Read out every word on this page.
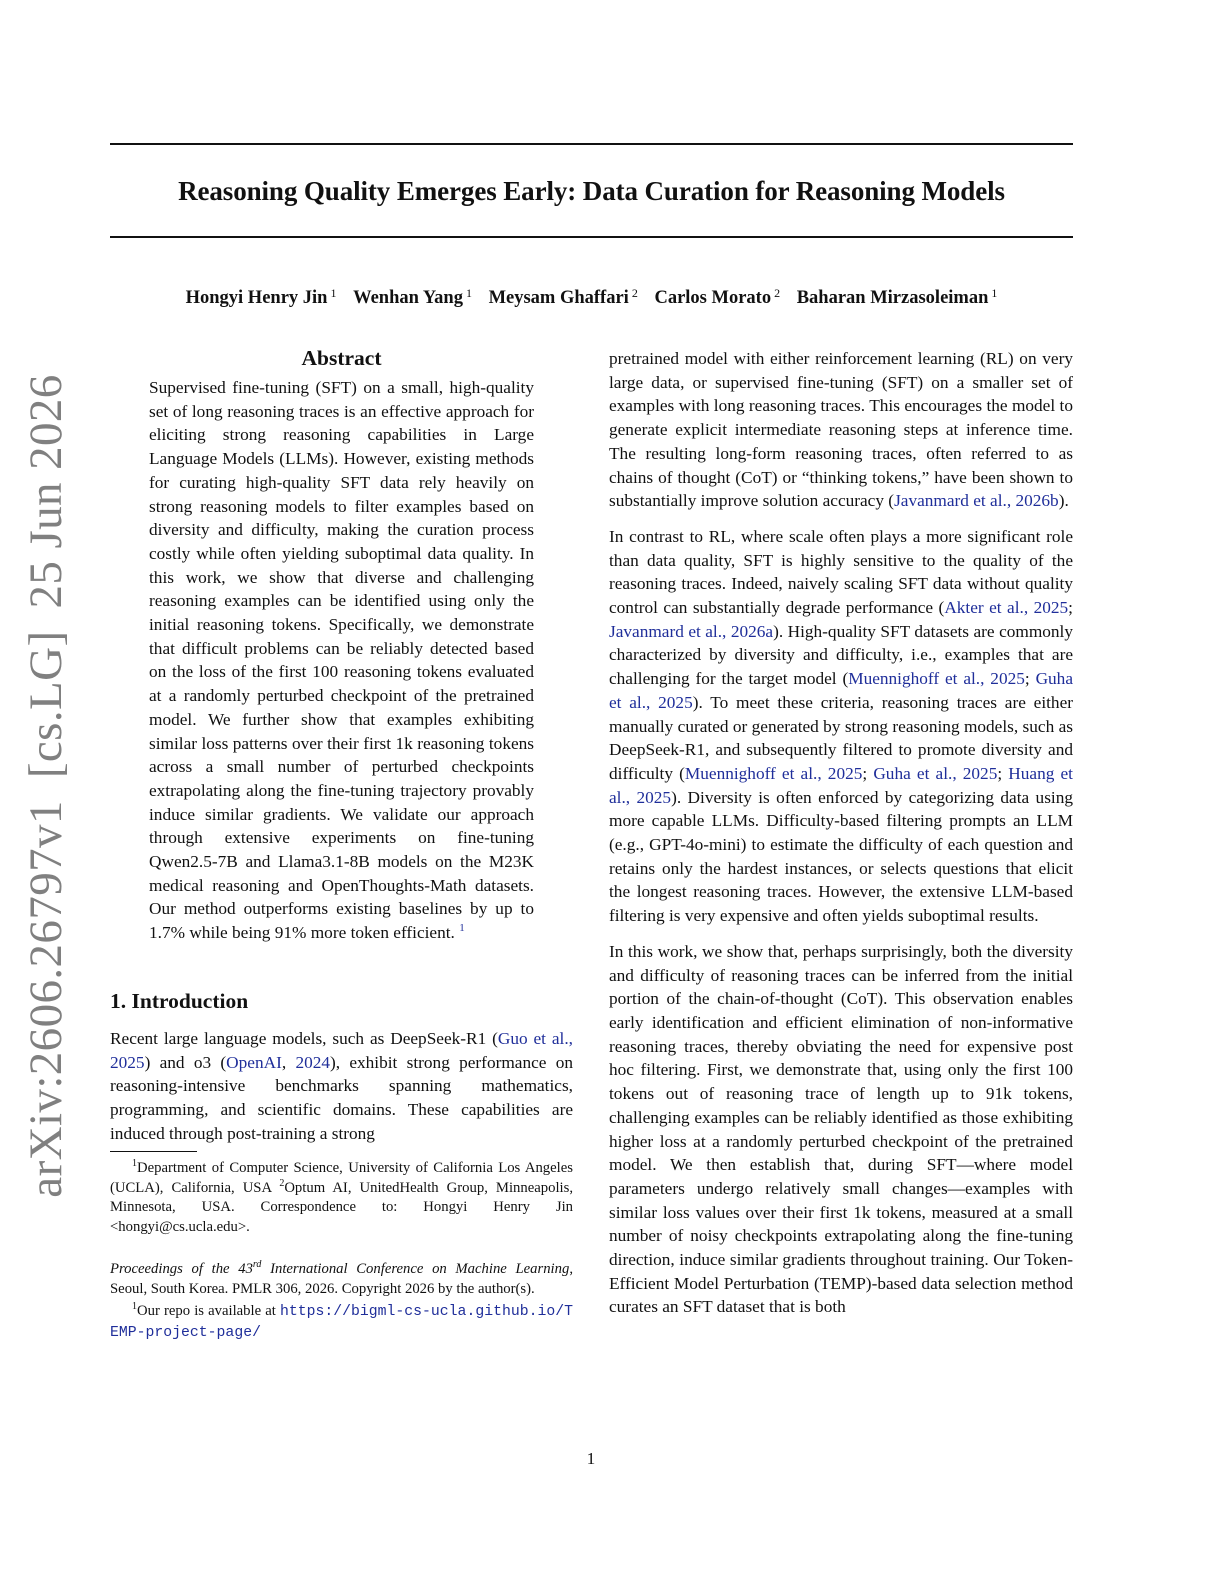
Reasoning Quality Emerges Early: Data Curation for Reasoning Models
Hongyi Henry Jin $^1$ Wenhan Yang $^1$ Meysam Ghaffari $^2$ Carlos Morato $^2$ Baharan Mirzasoleiman $^1$
arXiv:2606.26797v1[cs.LG]25 Jun 2026
Abstract
Supervised fine-tuning (SFT) on a small, high-quality set of long reasoning traces is an effective approach for eliciting strong reasoning capabilities in Large Language Models (LLMs). However, existing methods for curating high-quality SFT data rely heavily on strong reasoning models to filter examples based on diversity and difficulty, making the curation process costly while often yielding suboptimal data quality. In this work, we show that diverse and challenging reasoning examples can be identified using only the initial reasoning tokens. Specifically, we demonstrate that difficult problems can be reliably detected based on the loss of the first 100 reasoning tokens evaluated at a randomly perturbed checkpoint of the pretrained model. We further show that examples exhibiting similar loss patterns over their first 1k reasoning tokens across a small number of perturbed checkpoints extrapolating along the fine-tuning trajectory provably induce similar gradients. We validate our approach through extensive experiments on fine-tuning Qwen2.5-7B and Llama3.1-8B models on the M23K medical reasoning and OpenThoughts-Math datasets. Our method outperforms existing baselines by up to 1.7% while being 91% more token efficient. $^1$
1. Introduction

Recent large language models, such as DeepSeek-R1 (Guo et al., 2025) and o3 (OpenAI, 2024), exhibit strong performance on reasoning-intensive benchmarks spanning mathematics, programming, and scientific domains. These capabilities are induced through post-training a strong

$^1$Department of Computer Science, University of California Los Angeles (UCLA), California, USA $^2$Optum AI, UnitedHealth Group, Minneapolis, Minnesota, USA. Correspondence to: Hongyi Henry Jin <hongyi@cs.ucla.edu>.
Proceedings of the 43rd International Conference on Machine Learning, Seoul, South Korea. PMLR 306, 2026. Copyright 2026 by the author(s).
$^1$Our repo is available at https://bigml-cs-ucla.github.io/TEMP-project-page/

pretrained model with either reinforcement learning (RL) on very large data, or supervised fine-tuning (SFT) on a smaller set of examples with long reasoning traces. This encourages the model to generate explicit intermediate reasoning steps at inference time. The resulting long-form reasoning traces, often referred to as chains of thought (CoT) or “thinking tokens,” have been shown to substantially improve solution accuracy (Javanmard et al., 2026b).

In contrast to RL, where scale often plays a more significant role than data quality, SFT is highly sensitive to the quality of the reasoning traces. Indeed, naively scaling SFT data without quality control can substantially degrade performance (Akter et al., 2025; Javanmard et al., 2026a). High-quality SFT datasets are commonly characterized by diversity and difficulty, i.e., examples that are challenging for the target model (Muennighoff et al., 2025; Guha et al., 2025). To meet these criteria, reasoning traces are either manually curated or generated by strong reasoning models, such as DeepSeek-R1, and subsequently filtered to promote diversity and difficulty (Muennighoff et al., 2025; Guha et al., 2025; Huang et al., 2025). Diversity is often enforced by categorizing data using more capable LLMs. Difficulty-based filtering prompts an LLM (e.g., GPT-4o-mini) to estimate the difficulty of each question and retains only the hardest instances, or selects questions that elicit the longest reasoning traces. However, the extensive LLM-based filtering is very expensive and often yields suboptimal results.

In this work, we show that, perhaps surprisingly, both the diversity and difficulty of reasoning traces can be inferred from the initial portion of the chain-of-thought (CoT). This observation enables early identification and efficient elimination of non-informative reasoning traces, thereby obviating the need for expensive post hoc filtering. First, we demonstrate that, using only the first 100 tokens out of reasoning trace of length up to 91k tokens, challenging examples can be reliably identified as those exhibiting higher loss at a randomly perturbed checkpoint of the pretrained model. We then establish that, during SFT—where model parameters undergo relatively small changes—examples with similar loss values over their first 1k tokens, measured at a small number of noisy checkpoints extrapolating along the fine-tuning direction, induce similar gradients throughout training. Our Token-Efficient Model Perturbation (TEMP)-based data selection method curates an SFT dataset that is both

1
